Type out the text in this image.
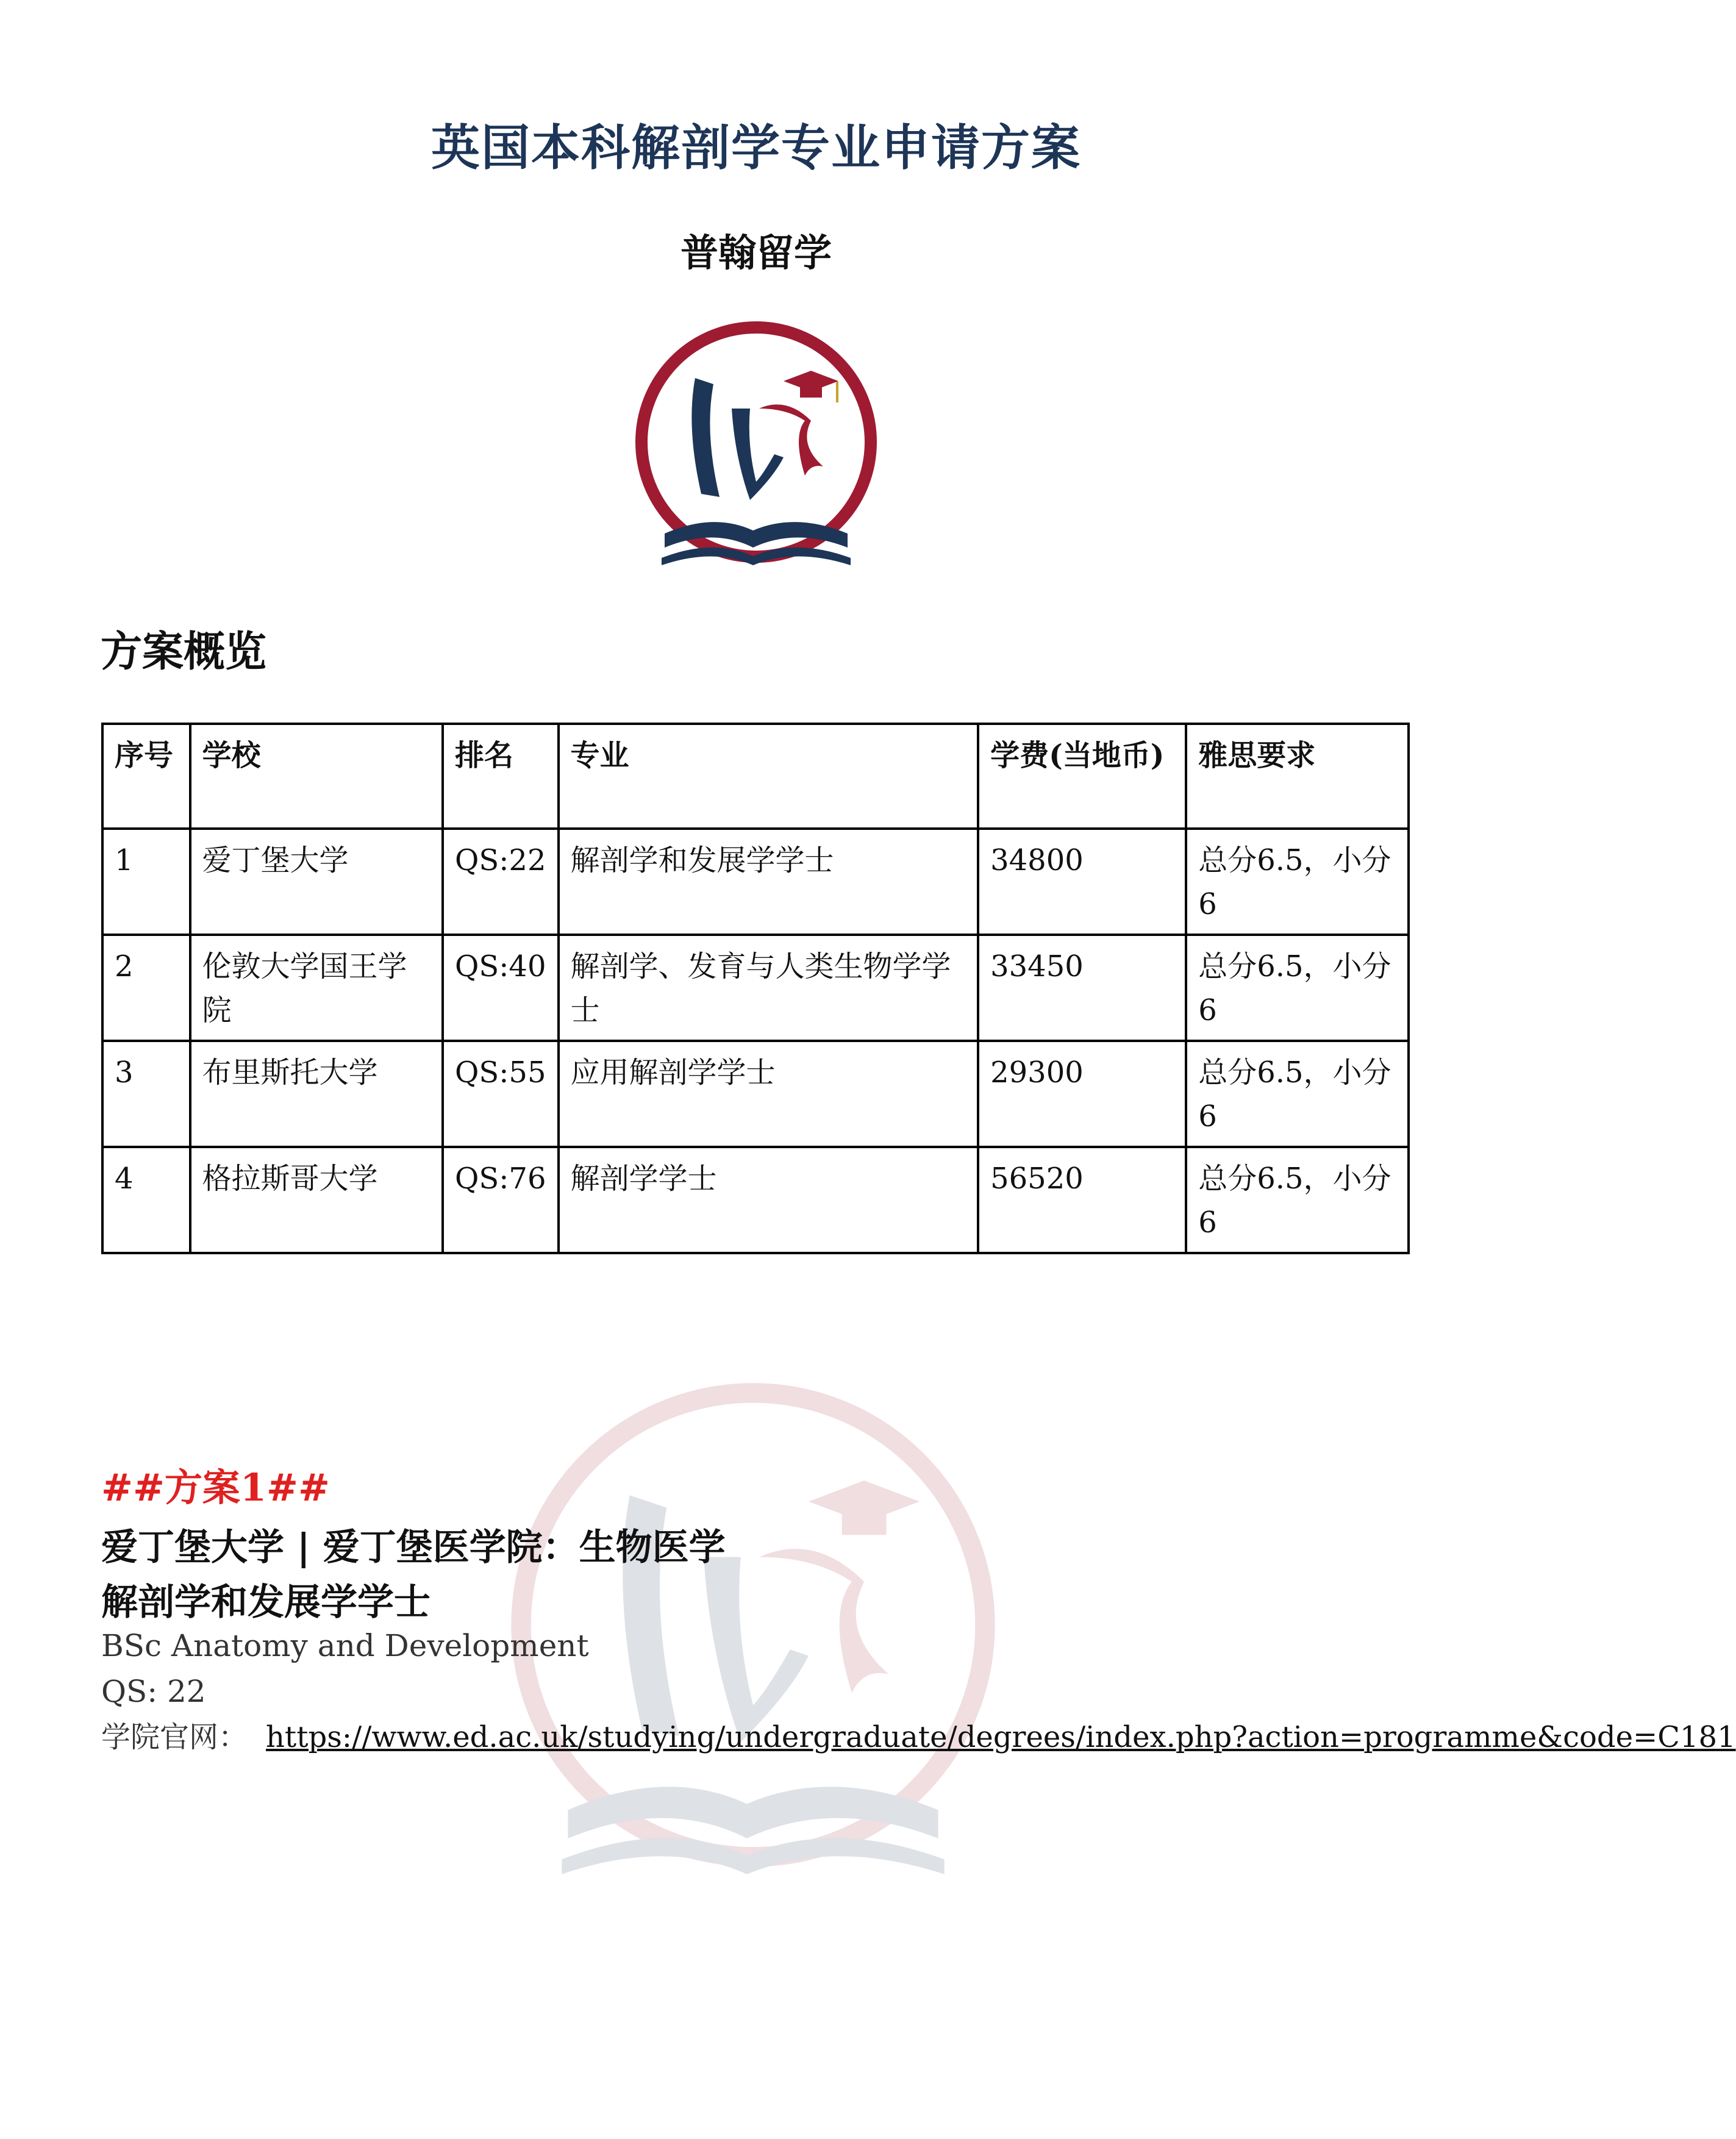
英国本科解剖学专业申请方案
普翰留学
方案概览
序号	学校	排名	专业	学费(当地币)	雅思要求
1	爱丁堡大学	QS:22	解剖学和发展学学士	34800	总分6.5，小分6
2	伦敦大学国王学院	QS:40	解剖学、发育与人类生物学学士	33450	总分6.5，小分6
3	布里斯托大学	QS:55	应用解剖学学士	29300	总分6.5，小分6
4	格拉斯哥大学	QS:76	解剖学学士	56520	总分6.5，小分6
##方案1##
爱丁堡大学 | 爱丁堡医学院：生物医学
解剖学和发展学学士
BSc Anatomy and Development
QS: 22
学院官网： https://www.ed.ac.uk/studying/undergraduate/degrees/index.php?action=programme&code=C181
